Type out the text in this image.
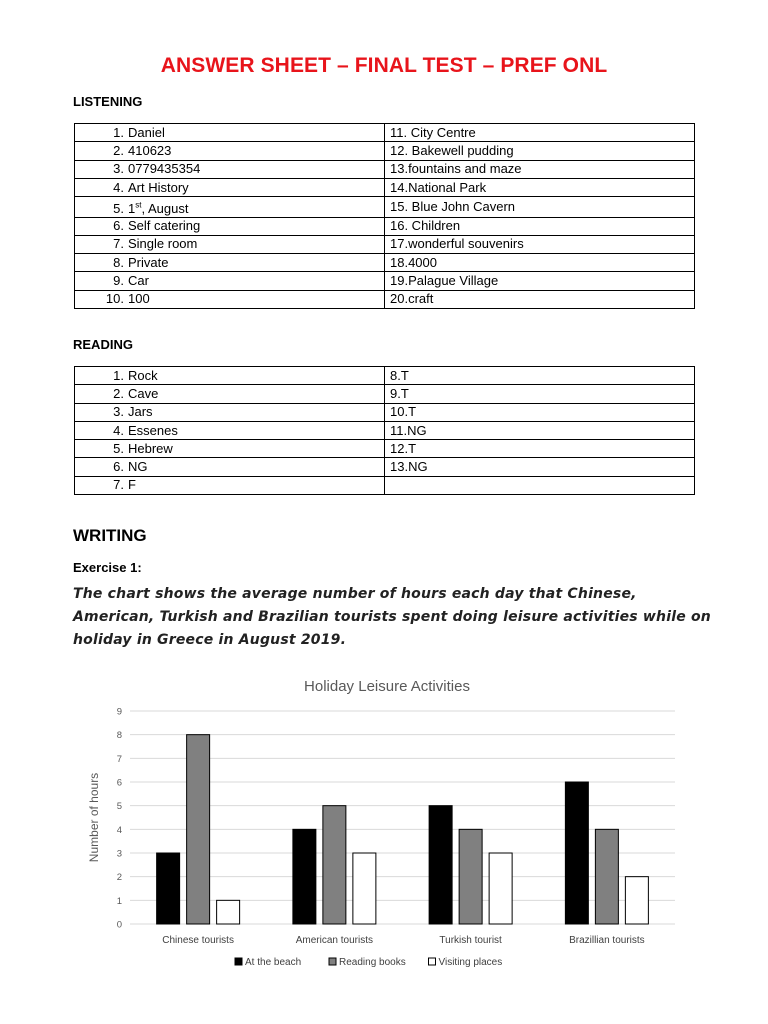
ANSWER SHEET – FINAL TEST – PREF ONL
LISTENING
1. Daniel	11. City Centre
2. 410623	12. Bakewell pudding
3. 0779435354	13.fountains and maze
4. Art History	14.National Park
5. 1st, August	15. Blue John Cavern
6. Self catering	16. Children
7. Single room	17.wonderful souvenirs
8. Private	18.4000
9. Car	19.Palague Village
10. 100	20.craft
READING
1. Rock	8.T
2. Cave	9.T
3. Jars	10.T
4. Essenes	11.NG
5. Hebrew	12.T
6. NG	13.NG
7. F	
WRITING
Exercise 1:
The chart shows the average number of hours each day that Chinese, American, Turkish and Brazilian tourists spent doing leisure activities while on holiday in Greece in August 2019.
Holiday Leisure Activities
0
1
2
3
4
5
6
7
8
9
Number of hours
Chinese tourists	American tourists	Turkish tourist	Brazillian tourists
At the beach	Reading books	Visiting places
